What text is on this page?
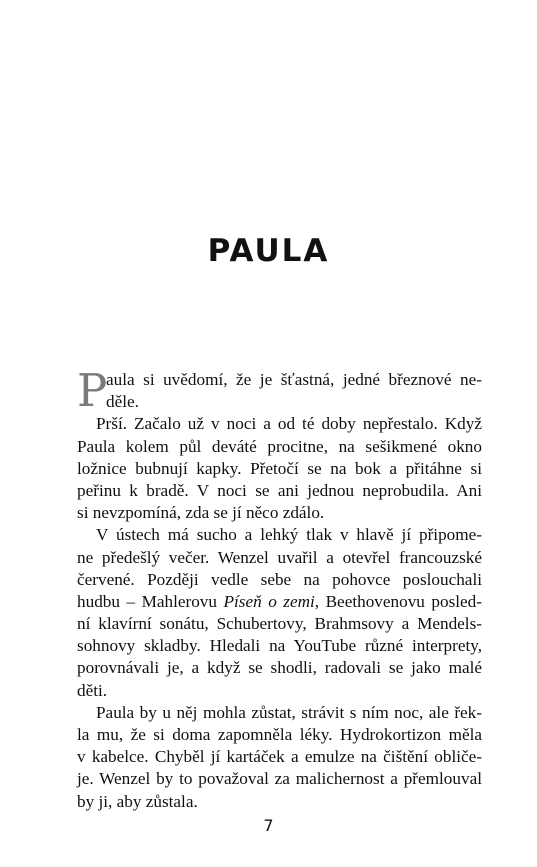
PAULA
P
aula si uvědomí, že je šťastná, jedné březnové ne-
děle.
Prší. Začalo už v noci a od té doby nepřestalo. Když
Paula kolem půl deváté procitne, na sešikmené okno
ložnice bubnují kapky. Přetočí se na bok a přitáhne si
peřinu k bradě. V noci se ani jednou neprobudila. Ani
si nevzpomíná, zda se jí něco zdálo.
V ústech má sucho a lehký tlak v hlavě jí připome-
ne předešlý večer. Wenzel uvařil a otevřel francouzské
červené. Později vedle sebe na pohovce poslouchali
hudbu – Mahlerovu Píseň o zemi, Beethovenovu posled-
ní klavírní sonátu, Schubertovy, Brahmsovy a Mendels-
sohnovy skladby. Hledali na YouTube různé interprety,
porovnávali je, a když se shodli, radovali se jako malé
děti.
Paula by u něj mohla zůstat, strávit s ním noc, ale řek-
la mu, že si doma zapomněla léky. Hydrokortizon měla
v kabelce. Chyběl jí kartáček a emulze na čištění obliče-
je. Wenzel by to považoval za malichernost a přemlouval
by ji, aby zůstala.
7
